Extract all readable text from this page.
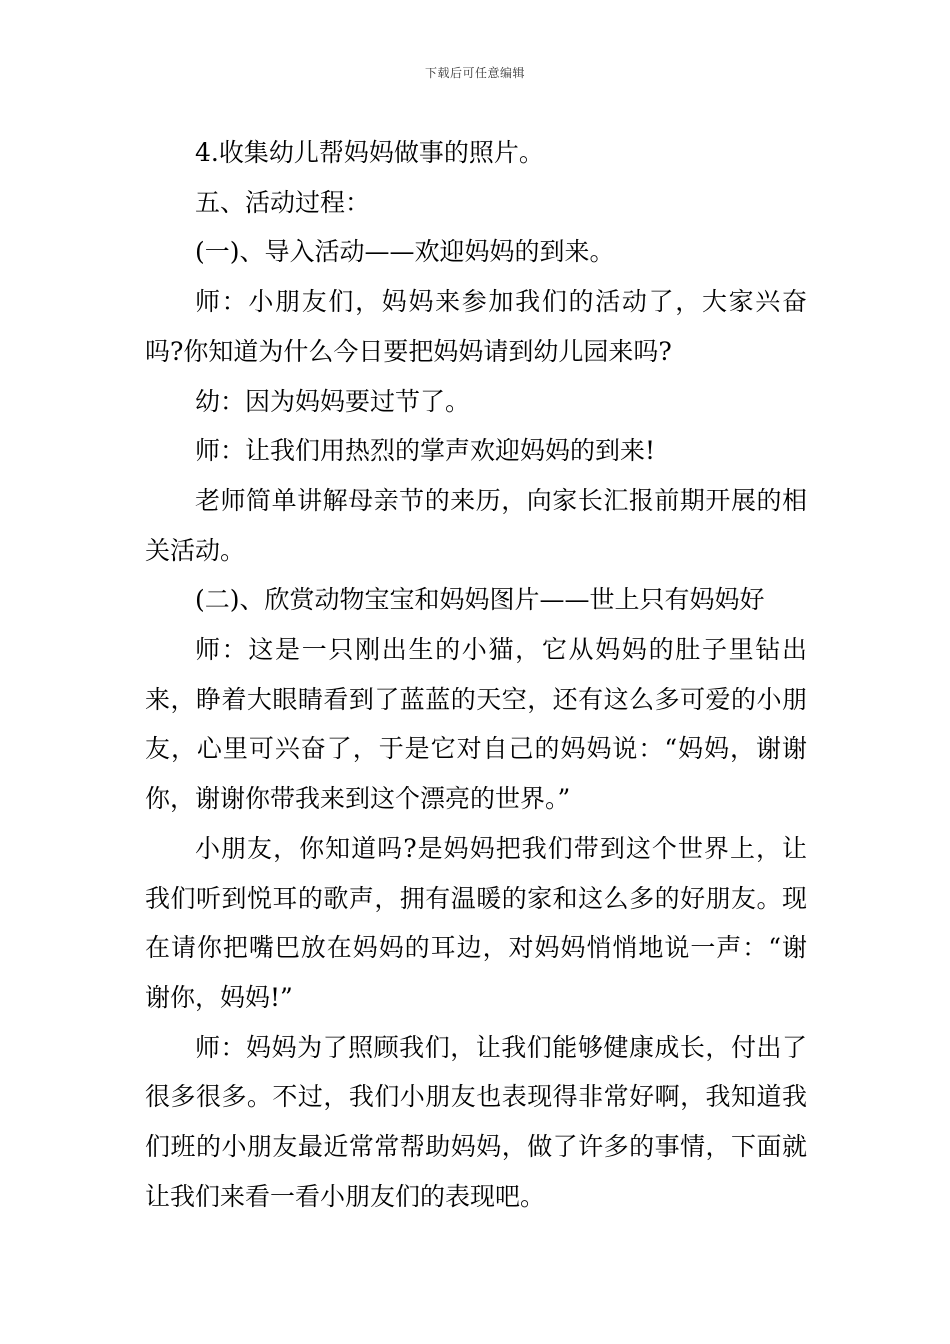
下载后可任意编辑

4.收集幼儿帮妈妈做事的照片。

五、活动过程：

(一)、导入活动——欢迎妈妈的到来。

师：小朋友们，妈妈来参加我们的活动了，大家兴奋吗?你知道为什么今日要把妈妈请到幼儿园来吗?

幼：因为妈妈要过节了。

师：让我们用热烈的掌声欢迎妈妈的到来!

老师简单讲解母亲节的来历，向家长汇报前期开展的相关活动。

(二)、欣赏动物宝宝和妈妈图片——世上只有妈妈好

师：这是一只刚出生的小猫，它从妈妈的肚子里钻出来，睁着大眼睛看到了蓝蓝的天空，还有这么多可爱的小朋友，心里可兴奋了，于是它对自己的妈妈说：“妈妈，谢谢你，谢谢你带我来到这个漂亮的世界。”

小朋友，你知道吗?是妈妈把我们带到这个世界上，让我们听到悦耳的歌声，拥有温暖的家和这么多的好朋友。现在请你把嘴巴放在妈妈的耳边，对妈妈悄悄地说一声：“谢谢你，妈妈!”

师：妈妈为了照顾我们，让我们能够健康成长，付出了很多很多。不过，我们小朋友也表现得非常好啊，我知道我们班的小朋友最近常常帮助妈妈，做了许多的事情，下面就让我们来看一看小朋友们的表现吧。
